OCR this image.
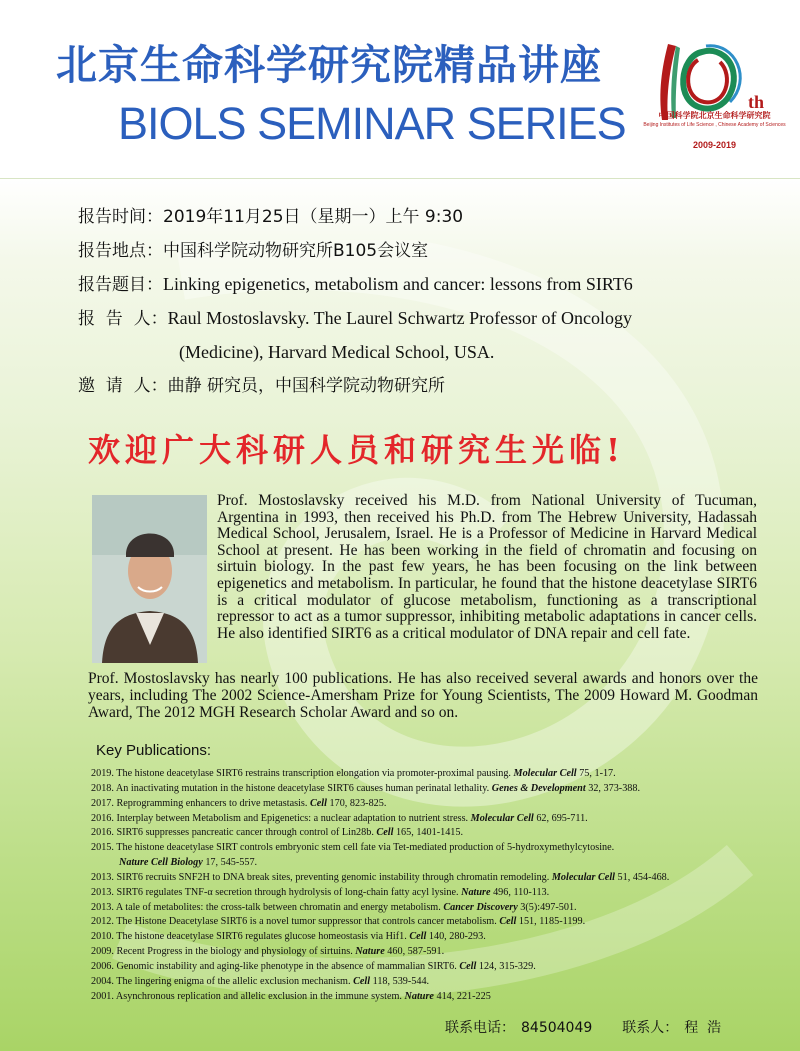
北京生命科学研究院精品讲座
BIOLS SEMINAR SERIES	th
中国科学院北京生命科学研究院
Beijing Institutes of Life Science , Chinese Academy of Sciences
2009-2019
报告时间：2019年11月25日（星期一）上午 9:30
报告地点：中国科学院动物研究所B105会议室
报告题目：Linking epigenetics, metabolism and cancer: lessons from SIRT6
报  告  人：Raul Mostoslavsky. The Laurel Schwartz Professor of Oncology
(Medicine), Harvard Medical School, USA.
邀  请  人：曲静 研究员，中国科学院动物研究所
欢迎广大科研人员和研究生光临!
Prof. Mostoslavsky received his M.D. from National University of Tucuman, Argentina in 1993, then received his Ph.D. from The Hebrew University, Hadassah Medical School, Jerusalem, Israel. He is a Professor of Medicine in Harvard Medical School at present. He has been working in the field of chromatin and focusing on sirtuin biology. In the past few years, he has been focusing on the link between epigenetics and metabolism. In particular, he found that the histone deacetylase SIRT6 is a critical modulator of glucose metabolism, functioning as a transcriptional repressor to act as a tumor suppressor, inhibiting metabolic adaptations in cancer cells. He also identified SIRT6 as a critical modulator of DNA repair and cell fate.
Prof. Mostoslavsky has nearly 100 publications. He has also received several awards and honors over the years, including The 2002 Science-Amersham Prize for Young Scientists, The 2009 Howard M. Goodman Award, The 2012 MGH Research Scholar Award and so on.
Key Publications:
2019. The histone deacetylase SIRT6 restrains transcription elongation via promoter-proximal pausing. Molecular Cell 75, 1-17.
2018. An inactivating mutation in the histone deacetylase SIRT6 causes human perinatal lethality. Genes & Development 32, 373-388.
2017. Reprogramming enhancers to drive metastasis. Cell 170, 823-825.
2016. Interplay between Metabolism and Epigenetics: a nuclear adaptation to nutrient stress. Molecular Cell 62, 695-711.
2016. SIRT6 suppresses pancreatic cancer through control of Lin28b. Cell 165, 1401-1415.
2015. The histone deacetylase SIRT controls embryonic stem cell fate via Tet-mediated production of 5-hydroxymethylcytosine.
Nature Cell Biology 17, 545-557.
2013. SIRT6 recruits SNF2H to DNA break sites, preventing genomic instability through chromatin remodeling. Molecular Cell 51, 454-468.
2013. SIRT6 regulates TNF-α secretion through hydrolysis of long-chain fatty acyl lysine. Nature 496, 110-113.
2013. A tale of metabolites: the cross-talk between chromatin and energy metabolism. Cancer Discovery 3(5):497-501.
2012. The Histone Deacetylase SIRT6 is a novel tumor suppressor that controls cancer metabolism. Cell 151, 1185-1199.
2010. The histone deacetylase SIRT6 regulates glucose homeostasis via Hif1. Cell 140, 280-293.
2009. Recent Progress in the biology and physiology of sirtuins. Nature 460, 587-591.
2006. Genomic instability and aging-like phenotype in the absence of mammalian SIRT6. Cell 124, 315-329.
2004. The lingering enigma of the allelic exclusion mechanism. Cell 118, 539-544.
2001. Asynchronous replication and allelic exclusion in the immune system. Nature 414, 221-225
联系电话： 84504049 联系人： 程  浩
